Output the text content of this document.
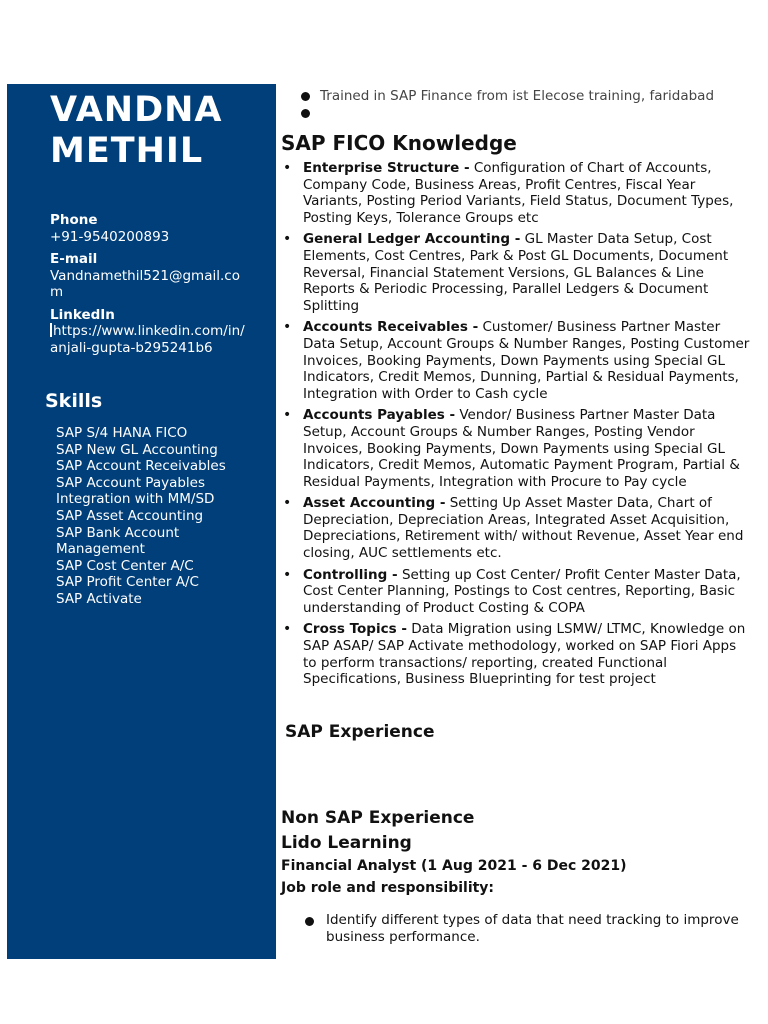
VANDNA
METHIL
Phone
+91-9540200893
E-mail
Vandnamethil521@gmail.com
LinkedIn
https://www.linkedin.com/in/anjali-gupta-b295241b6
Skills
SAP S/4 HANA FICO
SAP New GL Accounting
SAP Account Receivables
SAP Account Payables Integration with MM/SD
SAP Asset Accounting
SAP Bank Account Management
SAP Cost Center A/C
SAP Profit Center A/C
SAP Activate
Trained in SAP Finance from ist Elecose training, faridabad
SAP FICO Knowledge
• Enterprise Structure - Configuration of Chart of Accounts, Company Code, Business Areas, Profit Centres, Fiscal Year Variants, Posting Period Variants, Field Status, Document Types, Posting Keys, Tolerance Groups etc
• General Ledger Accounting - GL Master Data Setup, Cost Elements, Cost Centres, Park & Post GL Documents, Document Reversal, Financial Statement Versions, GL Balances & Line Reports & Periodic Processing, Parallel Ledgers & Document Splitting
• Accounts Receivables - Customer/ Business Partner Master Data Setup, Account Groups & Number Ranges, Posting Customer Invoices, Booking Payments, Down Payments using Special GL Indicators, Credit Memos, Dunning, Partial & Residual Payments, Integration with Order to Cash cycle
• Accounts Payables - Vendor/ Business Partner Master Data Setup, Account Groups & Number Ranges, Posting Vendor Invoices, Booking Payments, Down Payments using Special GL Indicators, Credit Memos, Automatic Payment Program, Partial & Residual Payments, Integration with Procure to Pay cycle
• Asset Accounting - Setting Up Asset Master Data, Chart of Depreciation, Depreciation Areas, Integrated Asset Acquisition, Depreciations, Retirement with/ without Revenue, Asset Year end closing, AUC settlements etc.
• Controlling - Setting up Cost Center/ Profit Center Master Data, Cost Center Planning, Postings to Cost centres, Reporting, Basic understanding of Product Costing & COPA
• Cross Topics - Data Migration using LSMW/ LTMC, Knowledge on SAP ASAP/ SAP Activate methodology, worked on SAP Fiori Apps to perform transactions/ reporting, created Functional Specifications, Business Blueprinting for test project
SAP Experience
Non SAP Experience
Lido Learning
Financial Analyst (1 Aug 2021 - 6 Dec 2021)
Job role and responsibility:
Identify different types of data that need tracking to improve business performance.
